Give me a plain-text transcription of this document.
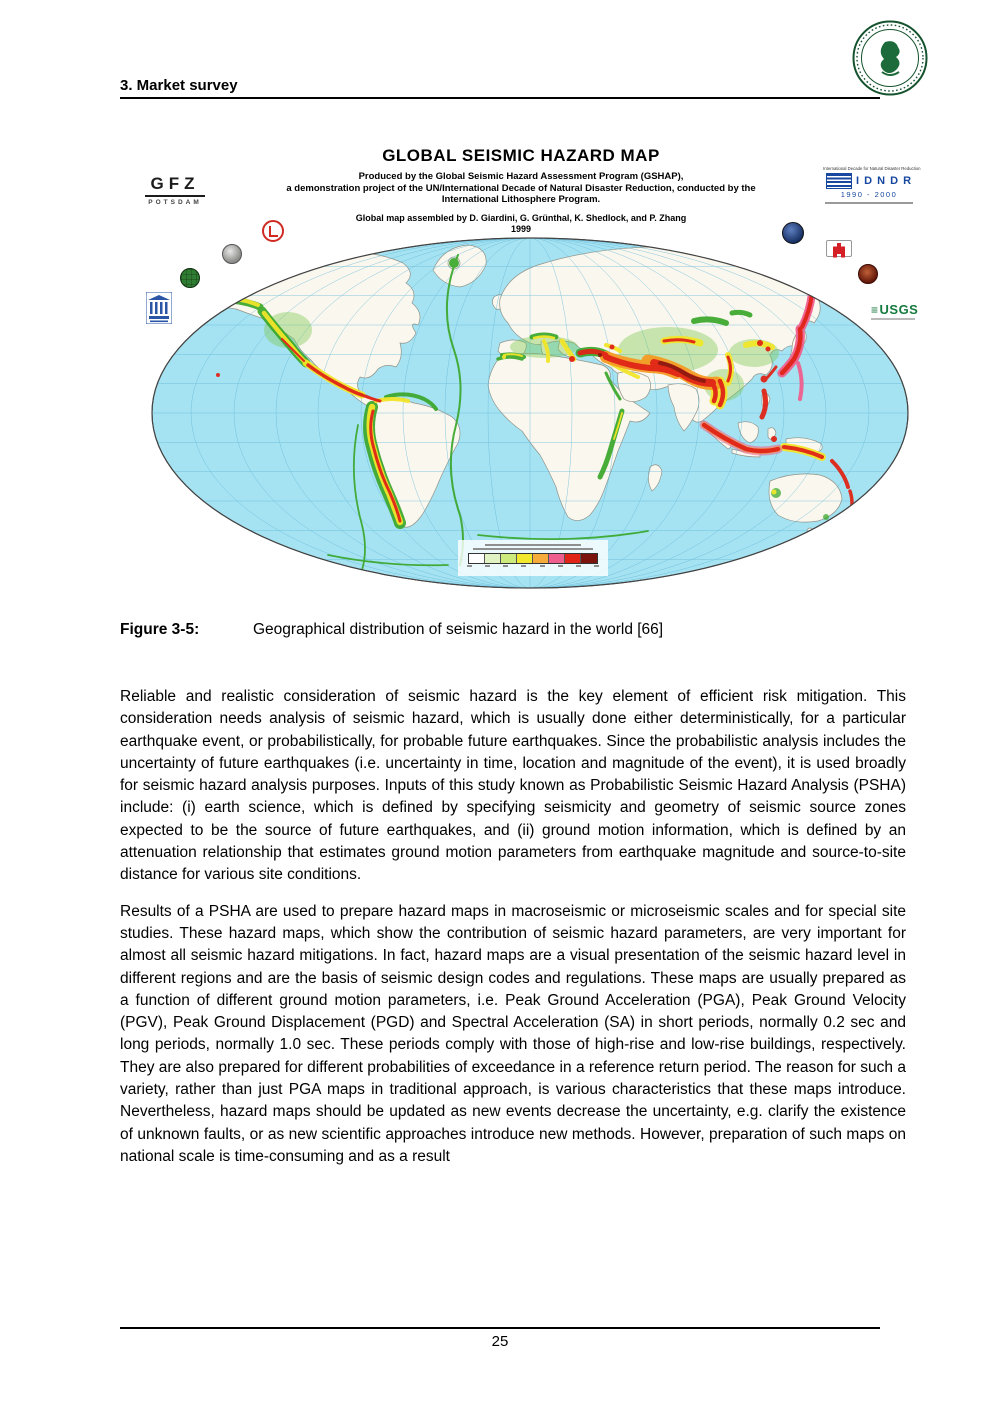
3. Market survey
GLOBAL SEISMIC HAZARD MAP
Produced by the Global Seismic Hazard Assessment Program (GSHAP),
a demonstration project of the UN/International Decade of Natural Disaster Reduction, conducted by the
International Lithosphere Program.
Global map assembled by D. Giardini, G. Grünthal, K. Shedlock, and P. Zhang
1999
GFZ
POTSDAM
International Decade for Natural Disaster Reduction
I D N D R
1990 - 2000
≡USGS
Figure 3-5:	Geographical distribution of seismic hazard in the world [66]

Reliable and realistic consideration of seismic hazard is the key element of efficient risk mitigation. This consideration needs analysis of seismic hazard, which is usually done either deterministically, for a particular earthquake event, or probabilistically, for probable future earthquakes. Since the probabilistic analysis includes the uncertainty of future earthquakes (i.e. uncertainty in time, location and magnitude of the event), it is used broadly for seismic hazard analysis purposes. Inputs of this study known as Probabilistic Seismic Hazard Analysis (PSHA) include: (i) earth science, which is defined by specifying seismicity and geometry of seismic source zones expected to be the source of future earthquakes, and (ii) ground motion information, which is defined by an attenuation relationship that estimates ground motion parameters from earthquake magnitude and source-to-site distance for various site conditions.

Results of a PSHA are used to prepare hazard maps in macroseismic or microseismic scales and for special site studies. These hazard maps, which show the contribution of seismic hazard parameters, are very important for almost all seismic hazard mitigations. In fact, hazard maps are a visual presentation of the seismic hazard level in different regions and are the basis of seismic design codes and regulations. These maps are usually prepared as a function of different ground motion parameters, i.e. Peak Ground Acceleration (PGA), Peak Ground Velocity (PGV), Peak Ground Displacement (PGD) and Spectral Acceleration (SA) in short periods, normally 0.2 sec and long periods, normally 1.0 sec. These periods comply with those of high-rise and low-rise buildings, respectively. They are also prepared for different probabilities of exceedance in a reference return period. The reason for such a variety, rather than just PGA maps in traditional approach, is various characteristics that these maps introduce. Nevertheless, hazard maps should be updated as new events decrease the uncertainty, e.g. clarify the existence of unknown faults, or as new scientific approaches introduce new methods. However, preparation of such maps on national scale is time-consuming and as a result

25
